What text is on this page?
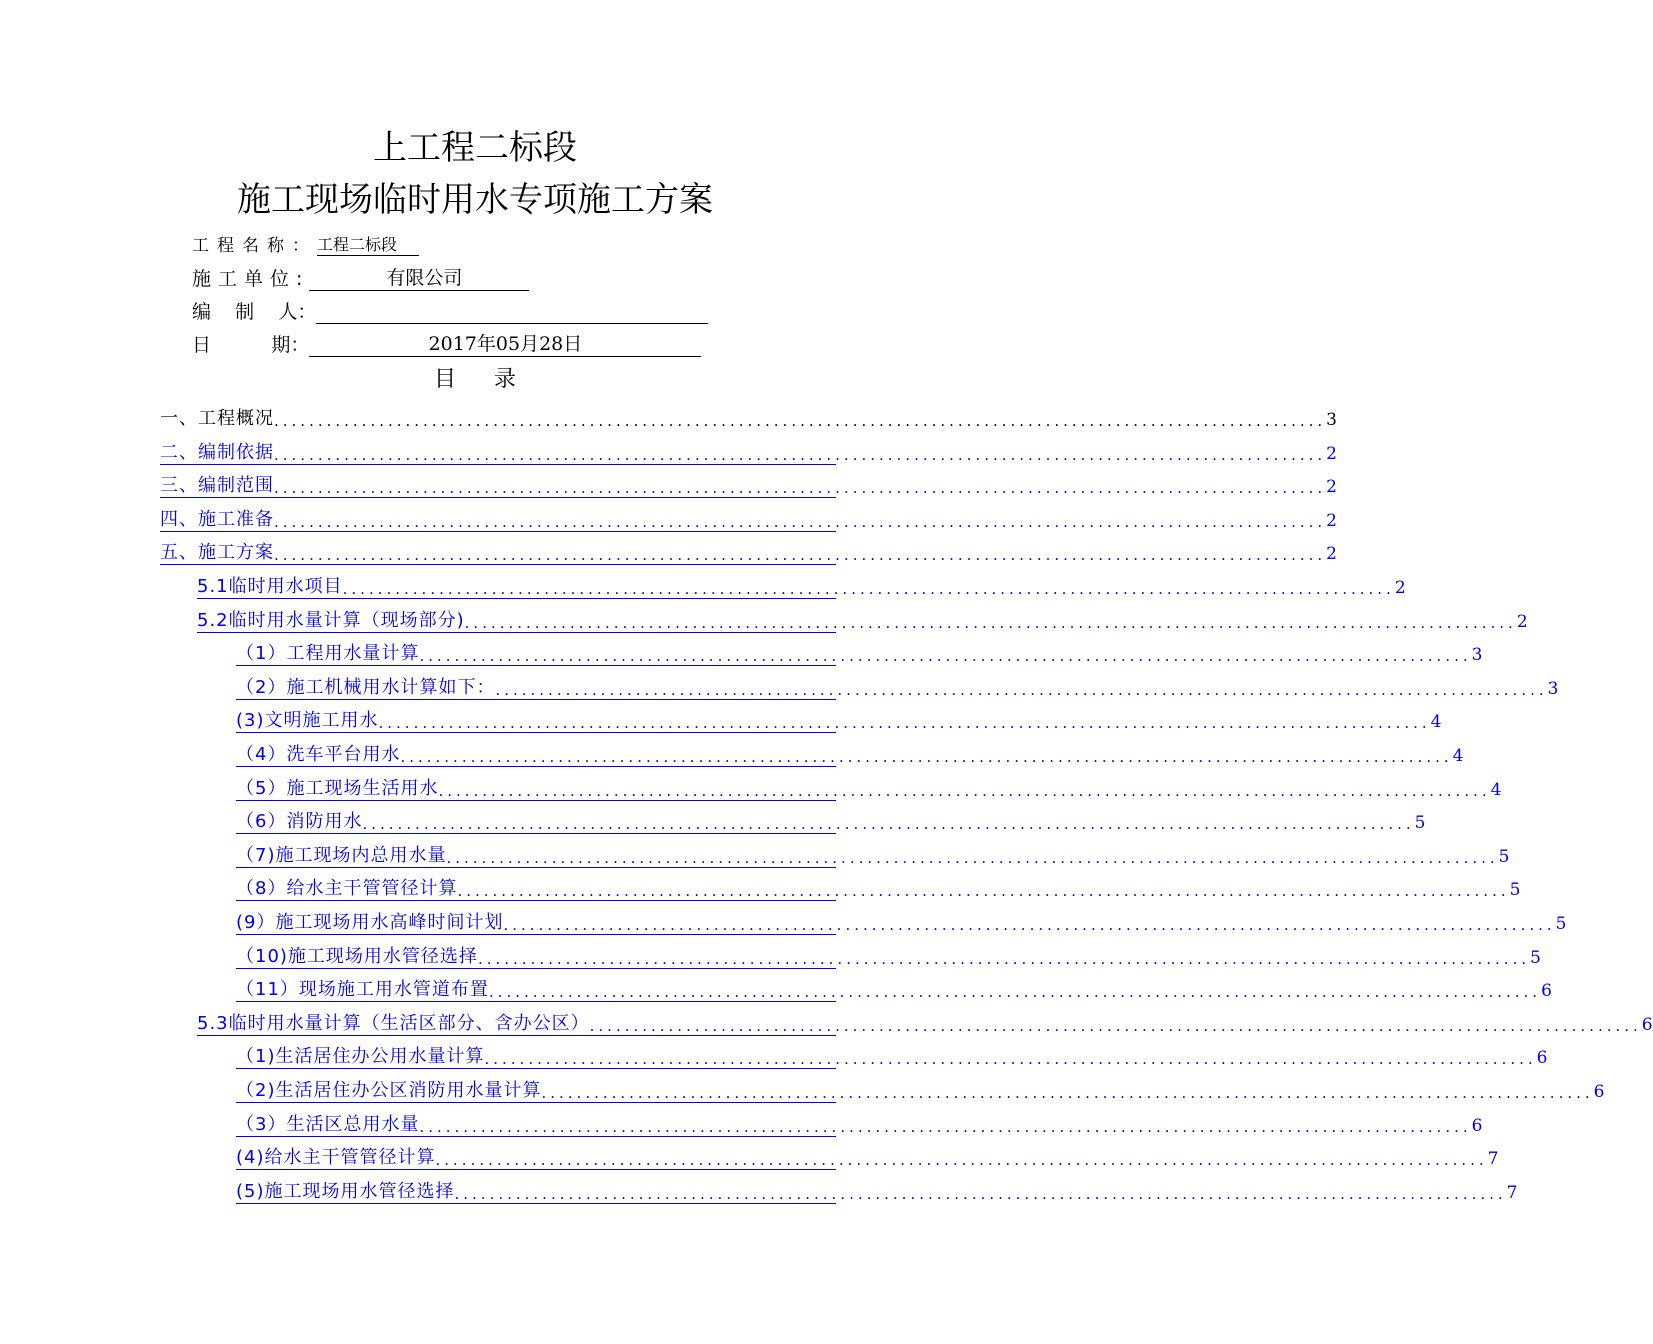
上工程二标段
施工现场临时用水专项施工方案
工程名称：工程二标段
施工单位:	有限公司
编    制    人：
日          期：	2017年05月28日
目录
一、工程概况 ........................................................................................................................ 3
二、编制依据 ........................................................................................................................ 2
三、编制范围 ........................................................................................................................ 2
四、施工准备 ........................................................................................................................ 2
五、施工方案 ........................................................................................................................ 2
5.1临时用水项目 ........................................................................................................................ 2
5.2临时用水量计算（现场部分) ........................................................................................................................ 2
（1）工程用水量计算 ........................................................................................................................ 3
（2）施工机械用水计算如下： ........................................................................................................................ 3
(3)文明施工用水 ........................................................................................................................ 4
（4）洗车平台用水 ........................................................................................................................ 4
（5）施工现场生活用水 ........................................................................................................................ 4
（6）消防用水 ........................................................................................................................ 5
（7)施工现场内总用水量 ........................................................................................................................ 5
（8）给水主干管管径计算 ........................................................................................................................ 5
(9）施工现场用水高峰时间计划 ........................................................................................................................ 5
（10)施工现场用水管径选择 ........................................................................................................................ 5
（11）现场施工用水管道布置 ........................................................................................................................ 6
5.3临时用水量计算（生活区部分、含办公区） ........................................................................................................................ 6
（1)生活居住办公用水量计算 ........................................................................................................................ 6
（2)生活居住办公区消防用水量计算 ........................................................................................................................ 6
（3）生活区总用水量 ........................................................................................................................ 6
(4)给水主干管管径计算 ........................................................................................................................ 7
(5)施工现场用水管径选择 ........................................................................................................................ 7
